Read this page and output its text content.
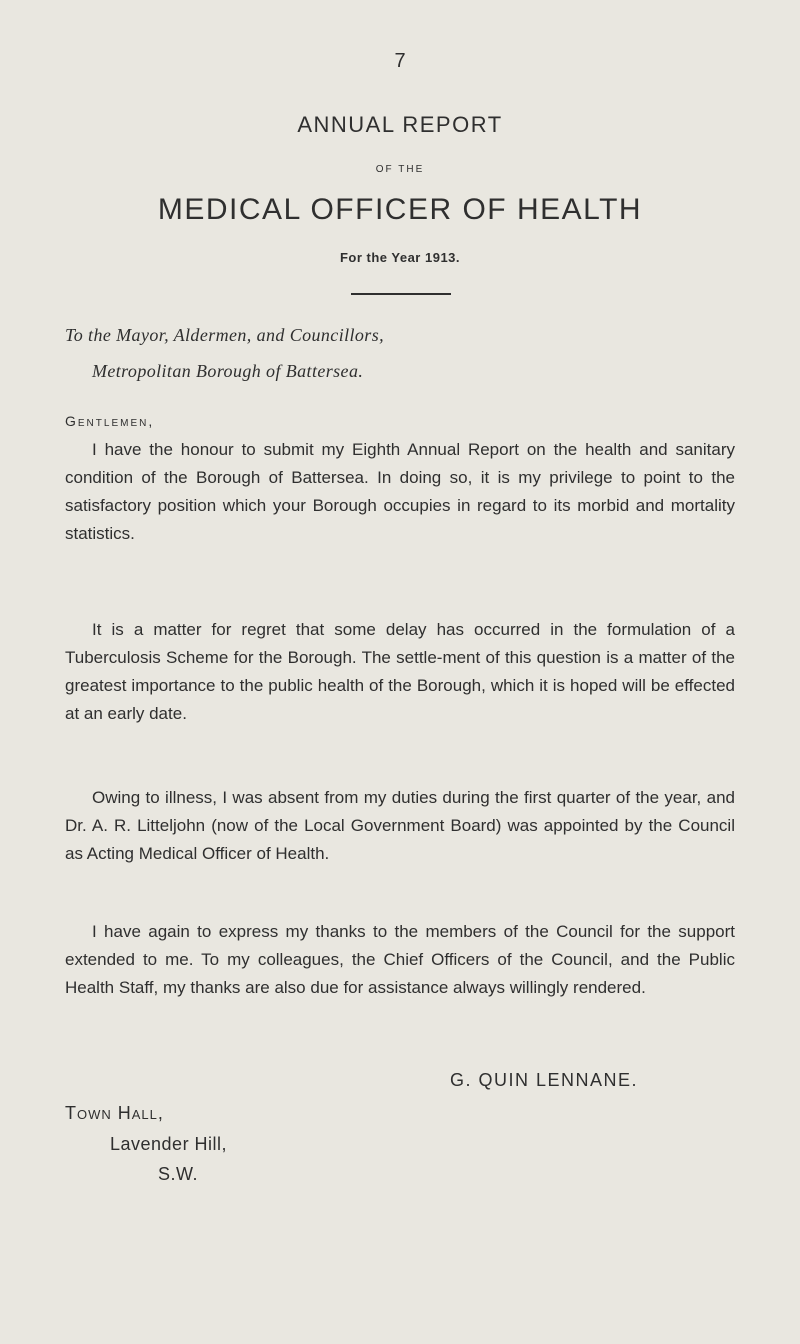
7
ANNUAL REPORT
OF THE
MEDICAL OFFICER OF HEALTH
For the Year 1913.
To the Mayor, Aldermen, and Councillors,
Metropolitan Borough of Battersea.
Gentlemen,

I have the honour to submit my Eighth Annual Report on the health and sanitary condition of the Borough of Battersea. In doing so, it is my privilege to point to the satisfactory position which your Borough occupies in regard to its morbid and mortality statistics.

It is a matter for regret that some delay has occurred in the formulation of a Tuberculosis Scheme for the Borough. The settle-ment of this question is a matter of the greatest importance to the public health of the Borough, which it is hoped will be effected at an early date.

Owing to illness, I was absent from my duties during the first quarter of the year, and Dr. A. R. Litteljohn (now of the Local Government Board) was appointed by the Council as Acting Medical Officer of Health.

I have again to express my thanks to the members of the Council for the support extended to me. To my colleagues, the Chief Officers of the Council, and the Public Health Staff, my thanks are also due for assistance always willingly rendered.

G. QUIN LENNANE.
Town Hall,
Lavender Hill,
S.W.
